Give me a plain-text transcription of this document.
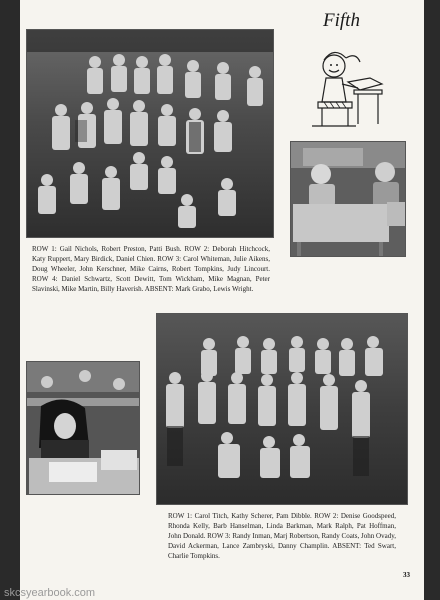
Fifth

ROW 1: Gail Nichols, Robert Preston, Patti Bush. ROW 2: Deborah Hitchcock, Katy Ruppert, Mary Birdick, Daniel Chien. ROW 3: Carol Whiteman, Julie Aikens, Doug Wheeler, John Kerschner, Mike Cairns, Robert Tompkins, Judy Lincourt. ROW 4: Daniel Schwartz, Scott Dewitt, Tom Wickham, Mike Magnan, Peter Slavinski, Mike Martin, Billy Haverish. ABSENT: Mark Grabo, Lewis Wright.

ROW 1: Carol Titch, Kathy Scherer, Pam Dibble. ROW 2: Denise Goodspeed, Rhonda Kelly, Barb Hanselman, Linda Barkman, Mark Ralph, Pat Hoffman, John Donald. ROW 3: Randy Inman, Marj Robertson, Randy Coats, John Ovady, David Ackerman, Lance Zambryski, Danny Champlin. ABSENT: Ted Swart, Charlie Tompkins.

33
skcsyearbook.com
